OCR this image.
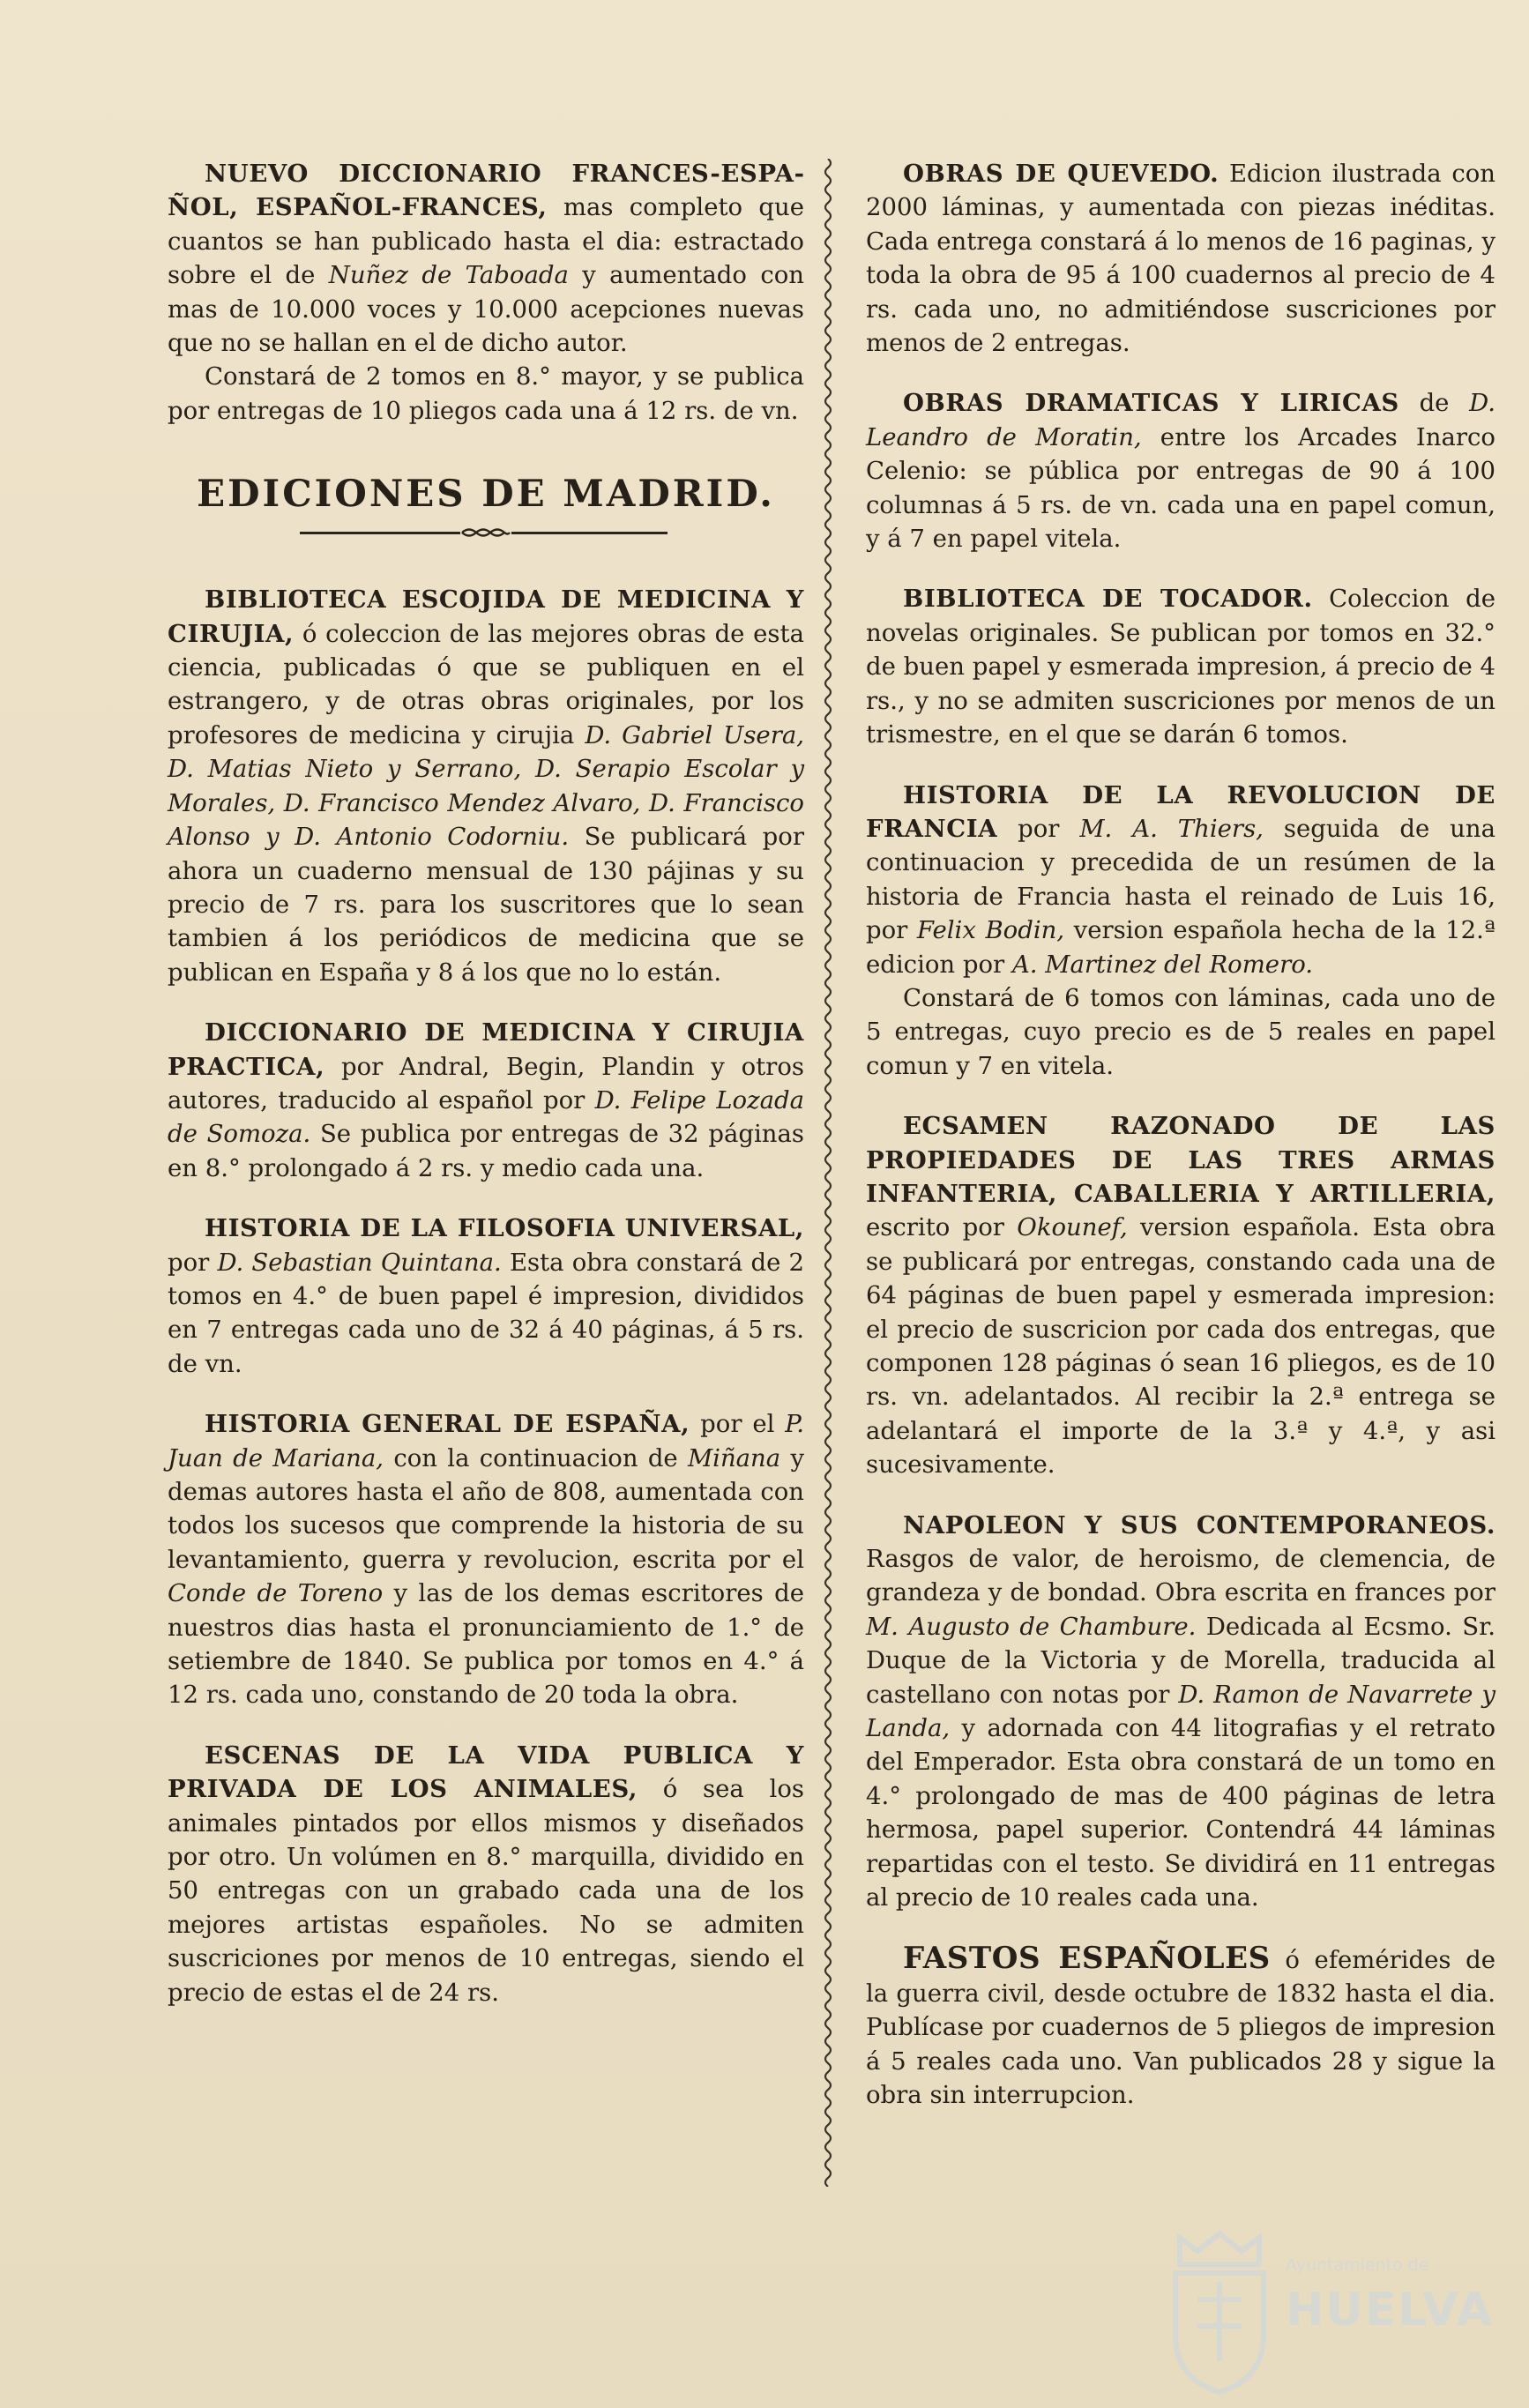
NUEVO DICCIONARIO FRANCES-ESPAÑOL, ESPAÑOL-FRANCES, mas completo que cuantos se han publicado hasta el dia: estractado sobre el de Nuñez de Taboada y aumentado con mas de 10.000 voces y 10.000 acepciones nuevas que no se hallan en el de dicho autor.

Constará de 2 tomos en 8.° mayor, y se publica por entregas de 10 pliegos cada una á 12 rs. de vn.

EDICIONES DE MADRID.

BIBLIOTECA ESCOJIDA DE MEDICINA Y CIRUJIA, ó coleccion de las mejores obras de esta ciencia, publicadas ó que se publiquen en el estrangero, y de otras obras originales, por los profesores de medicina y cirujia D. Gabriel Usera, D. Matias Nieto y Serrano, D. Serapio Escolar y Morales, D. Francisco Mendez Alvaro, D. Francisco Alonso y D. Antonio Codorniu. Se publicará por ahora un cuaderno mensual de 130 pájinas y su precio de 7 rs. para los suscritores que lo sean tambien á los periódicos de medicina que se publican en España y 8 á los que no lo están.

DICCIONARIO DE MEDICINA Y CIRUJIA PRACTICA, por Andral, Begin, Plandin y otros autores, traducido al español por D. Felipe Lozada de Somoza. Se publica por entregas de 32 páginas en 8.° prolongado á 2 rs. y medio cada una.

HISTORIA DE LA FILOSOFIA UNIVERSAL, por D. Sebastian Quintana. Esta obra constará de 2 tomos en 4.° de buen papel é impresion, divididos en 7 entregas cada uno de 32 á 40 páginas, á 5 rs. de vn.

HISTORIA GENERAL DE ESPAÑA, por el P. Juan de Mariana, con la continuacion de Miñana y demas autores hasta el año de 808, aumentada con todos los sucesos que comprende la historia de su levantamiento, guerra y revolucion, escrita por el Conde de Toreno y las de los demas escritores de nuestros dias hasta el pronunciamiento de 1.° de setiembre de 1840. Se publica por tomos en 4.° á 12 rs. cada uno, constando de 20 toda la obra.

ESCENAS DE LA VIDA PUBLICA Y PRIVADA DE LOS ANIMALES, ó sea los animales pintados por ellos mismos y diseñados por otro. Un volúmen en 8.° marquilla, dividido en 50 entregas con un grabado cada una de los mejores artistas españoles. No se admiten suscriciones por menos de 10 entregas, siendo el precio de estas el de 24 rs.

OBRAS DE QUEVEDO. Edicion ilustrada con 2000 láminas, y aumentada con piezas inéditas. Cada entrega constará á lo menos de 16 paginas, y toda la obra de 95 á 100 cuadernos al precio de 4 rs. cada uno, no admitiéndose suscriciones por menos de 2 entregas.

OBRAS DRAMATICAS Y LIRICAS de D. Leandro de Moratin, entre los Arcades Inarco Celenio: se pública por entregas de 90 á 100 columnas á 5 rs. de vn. cada una en papel comun, y á 7 en papel vitela.

BIBLIOTECA DE TOCADOR. Coleccion de novelas originales. Se publican por tomos en 32.° de buen papel y esmerada impresion, á precio de 4 rs., y no se admiten suscriciones por menos de un trismestre, en el que se darán 6 tomos.

HISTORIA DE LA REVOLUCION DE FRANCIA por M. A. Thiers, seguida de una continuacion y precedida de un resúmen de la historia de Francia hasta el reinado de Luis 16, por Felix Bodin, version española hecha de la 12.ª edicion por A. Martinez del Romero.

Constará de 6 tomos con láminas, cada uno de 5 entregas, cuyo precio es de 5 reales en papel comun y 7 en vitela.

ECSAMEN RAZONADO DE LAS PROPIEDADES DE LAS TRES ARMAS INFANTERIA, CABALLERIA Y ARTILLERIA, escrito por Okounef, version española. Esta obra se publicará por entregas, constando cada una de 64 páginas de buen papel y esmerada impresion: el precio de suscricion por cada dos entregas, que componen 128 páginas ó sean 16 pliegos, es de 10 rs. vn. adelantados. Al recibir la 2.ª entrega se adelantará el importe de la 3.ª y 4.ª, y asi sucesivamente.

NAPOLEON Y SUS CONTEMPORANEOS. Rasgos de valor, de heroismo, de clemencia, de grandeza y de bondad. Obra escrita en frances por M. Augusto de Chambure. Dedicada al Ecsmo. Sr. Duque de la Victoria y de Morella, traducida al castellano con notas por D. Ramon de Navarrete y Landa, y adornada con 44 litografias y el retrato del Emperador. Esta obra constará de un tomo en 4.° prolongado de mas de 400 páginas de letra hermosa, papel superior. Contendrá 44 láminas repartidas con el testo. Se dividirá en 11 entregas al precio de 10 reales cada una.

FASTOS ESPAÑOLES ó efemérides de la guerra civil, desde octubre de 1832 hasta el dia. Publícase por cuadernos de 5 pliegos de impresion á 5 reales cada uno. Van publicados 28 y sigue la obra sin interrupcion.

Ayuntamiento de
HUELVA
